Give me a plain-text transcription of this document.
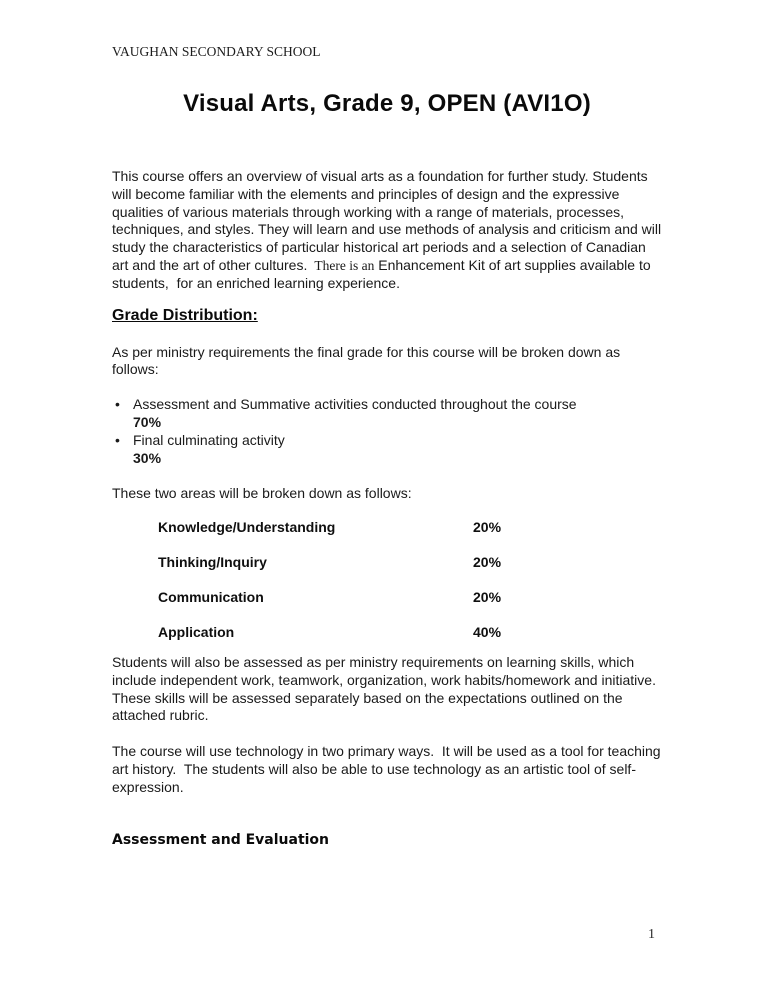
VAUGHAN SECONDARY SCHOOL
Visual Arts, Grade 9, OPEN (AVI1O)
This course offers an overview of visual arts as a foundation for further study. Students will become familiar with the elements and principles of design and the expressive qualities of various materials through working with a range of materials, processes, techniques, and styles. They will learn and use methods of analysis and criticism and will study the characteristics of particular historical art periods and a selection of Canadian art and the art of other cultures.  There is an Enhancement Kit of art supplies available to students,  for an enriched learning experience.
Grade Distribution:
As per ministry requirements the final grade for this course will be broken down as follows:
• Assessment and Summative activities conducted throughout the course
70%
• Final culminating activity
30%
These two areas will be broken down as follows:
Knowledge/Understanding	20%
Thinking/Inquiry	20%
Communication	20%
Application	40%
Students will also be assessed as per ministry requirements on learning skills, which include independent work, teamwork, organization, work habits/homework and initiative.  These skills will be assessed separately based on the expectations outlined on the attached rubric.
The course will use technology in two primary ways.  It will be used as a tool for teaching art history.  The students will also be able to use technology as an artistic tool of self-expression.
Assessment and Evaluation
1
